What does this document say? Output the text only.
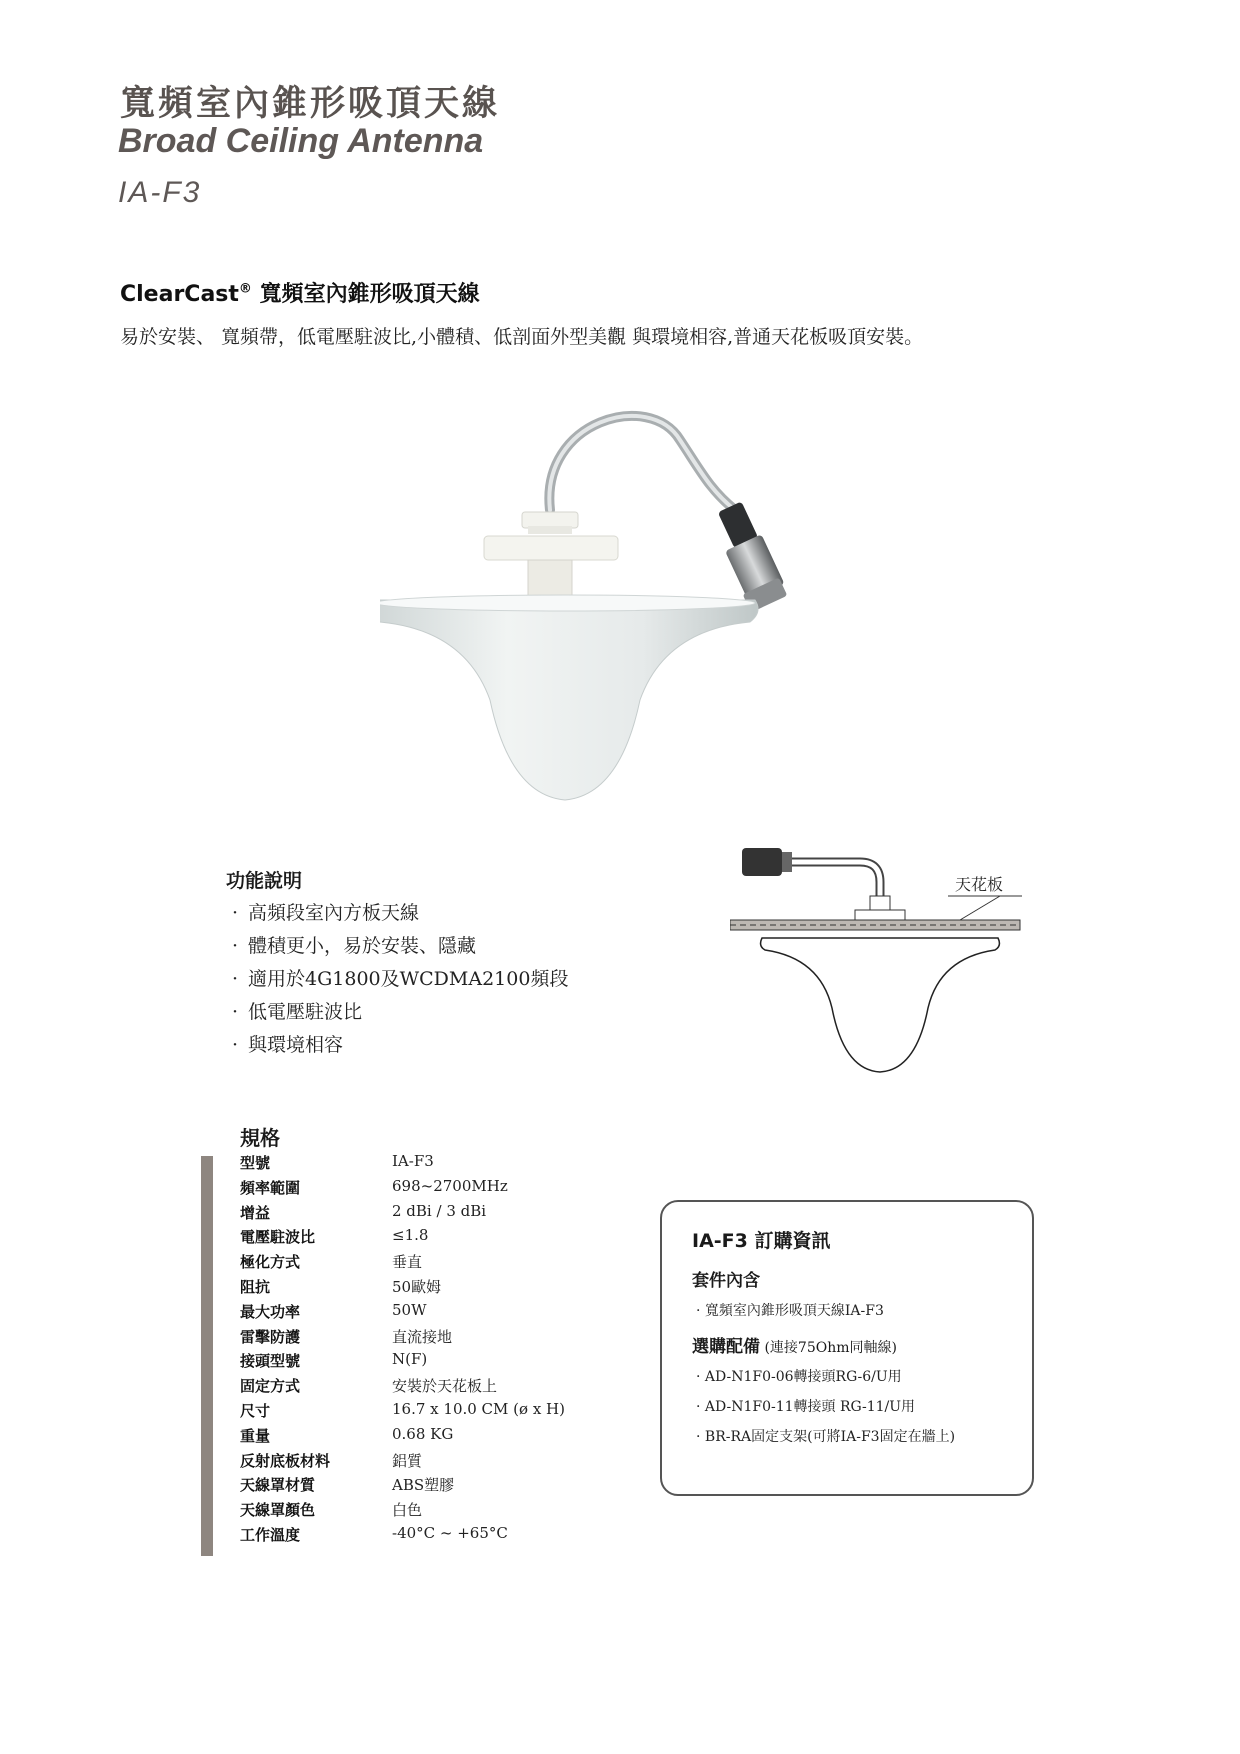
寬頻室內錐形吸頂天線
Broad Ceiling Antenna
IA-F3
ClearCast® 寬頻室內錐形吸頂天線
易於安裝、 寬頻帶，低電壓駐波比,小體積、低剖面外型美觀 與環境相容,普通天花板吸頂安裝。
功能說明
· 高頻段室內方板天線
· 體積更小，易於安裝、隱藏
· 適用於4G1800及WCDMA2100頻段
· 低電壓駐波比
· 與環境相容
天花板
規格
型號	IA-F3
頻率範圍	698~2700MHz
增益	2 dBi / 3 dBi
電壓駐波比	≤1.8
極化方式	垂直
阻抗	50歐姆
最大功率	50W
雷擊防護	直流接地
接頭型號	N(F)
固定方式	安裝於天花板上
尺寸	16.7 x 10.0 CM (ø x H)
重量	0.68 KG
反射底板材料	鋁質
天線罩材質	ABS塑膠
天線罩顏色	白色
工作溫度	-40°C ~ +65°C
IA-F3 訂購資訊
套件內含
· 寬頻室內錐形吸頂天線IA-F3
選購配備 (連接75Ohm同軸線)
· AD-N1F0-06轉接頭RG-6/U用
· AD-N1F0-11轉接頭 RG-11/U用
· BR-RA固定支架(可將IA-F3固定在牆上)
